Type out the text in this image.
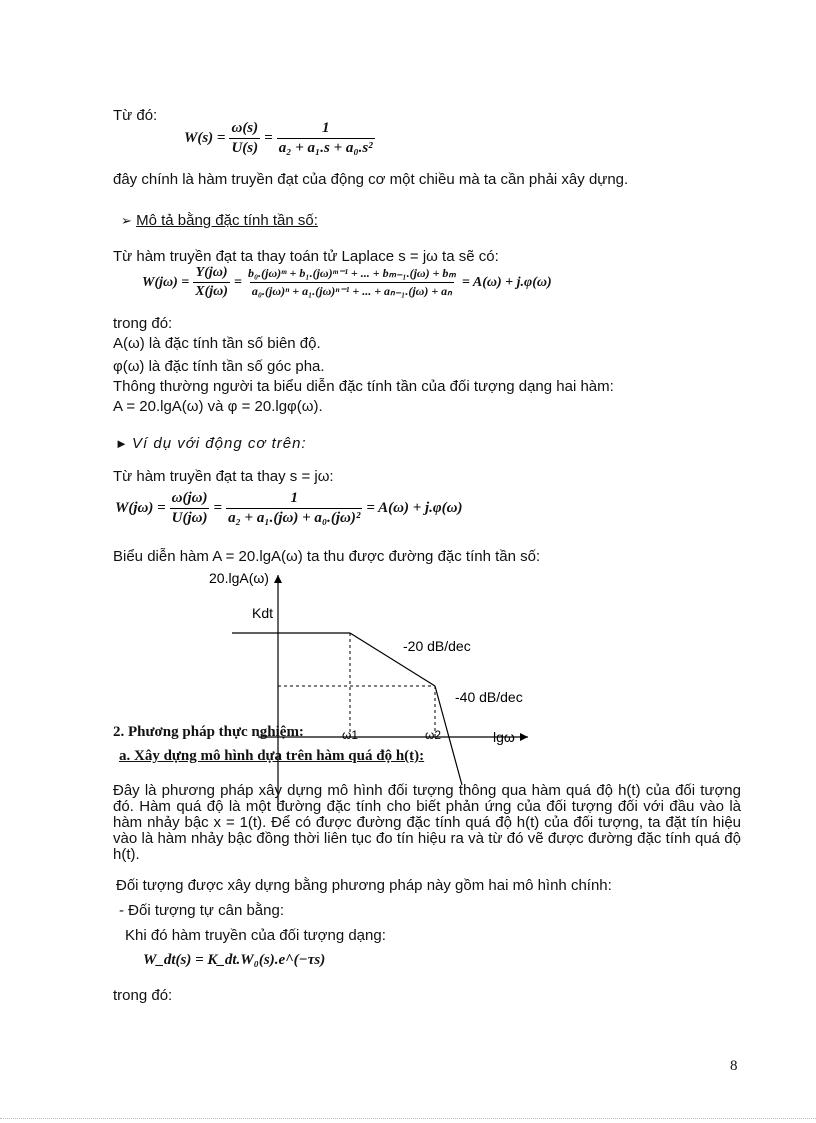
Từ đó:
$W(s) = \frac{\omega(s)}{U(s)} = \frac{1}{\text{a₂ + a₁.s + a₀.s²}}$
đây chính là hàm truyền đạt của động cơ một chiều mà ta cần phải xây dựng.
➢ Mô tả bằng đặc tính tần số:
Từ hàm truyền đạt ta thay toán tử Laplace s = jω ta sẽ có:
$W(j\omega) = \frac{Y(j\omega)}{X(j\omega)} = \frac{\text{b₀.(jω)ᵐ + b₁.(jω)ᵐ⁻¹ + ... + bₘ₋₁.(jω) + bₘ}}{\text{a₀.(jω)ⁿ + a₁.(jω)ⁿ⁻¹ + ... + aₙ₋₁.(jω) + aₙ}} = A(\omega) + j.\varphi(\omega)$
trong đó:
A(ω) là đặc tính tần số biên độ.
φ(ω) là đặc tính tần số góc pha.
Thông thường người ta biểu diễn đặc tính tần của đối tượng dạng hai hàm:
A = 20.lgA(ω) và φ = 20.lgφ(ω).
► Ví dụ với động cơ trên:
Từ hàm truyền đạt ta thay s = jω:
$W(j\omega) = \frac{\omega(j\omega)}{U(j\omega)} = \frac{1}{\text{a₂ + a₁.(jω) + a₀.(jω)²}} = A(\omega) + j.\varphi(\omega)$
Biểu diễn hàm A = 20.lgA(ω) ta thu được đường đặc tính tần số:
20.lgA(ω)
Kdt
-20 dB/dec
-40 dB/dec
ω1	ω2	lgω
2. Phương pháp thực nghiệm:
a. Xây dựng mô hình dựa trên hàm quá độ h(t):
Đây là phương pháp xây dựng mô hình đối tượng thông qua hàm quá độ h(t) của đối tượng đó. Hàm quá độ là một đường đặc tính cho biết phản ứng của đối tượng đối với đầu vào là hàm nhảy bậc x = 1(t). Để có được đường đặc tính quá độ h(t) của đối tượng, ta đặt tín hiệu vào là hàm nhảy bậc đồng thời liên tục đo tín hiệu ra và từ đó vẽ được đường đặc tính quá độ h(t).
Đối tượng được xây dựng bằng phương pháp này gồm hai mô hình chính:
- Đối tượng tự cân bằng:
Khi đó hàm truyền của đối tượng dạng:
W_dt(s) = K_dt.W₀(s).e^(−τs)
trong đó:
8
